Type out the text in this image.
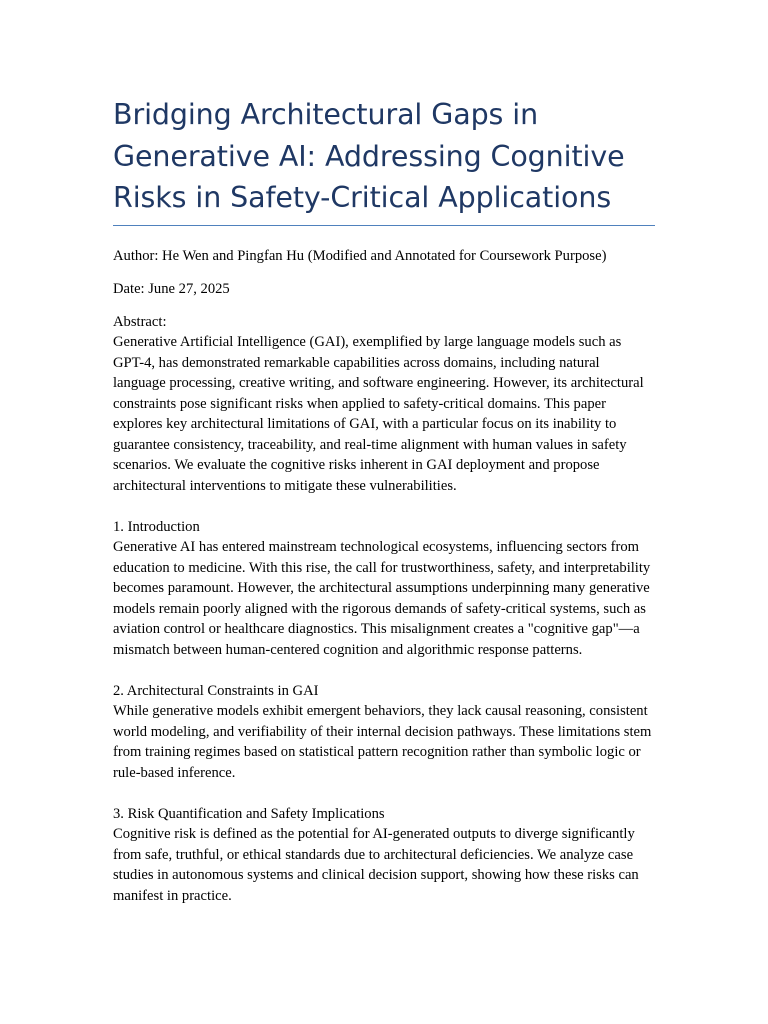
Bridging Architectural Gaps in Generative AI: Addressing Cognitive Risks in Safety-Critical Applications

Author: He Wen and Pingfan Hu (Modified and Annotated for Coursework Purpose)

Date: June 27, 2025

Abstract:

Generative Artificial Intelligence (GAI), exemplified by large language models such as GPT-4, has demonstrated remarkable capabilities across domains, including natural language processing, creative writing, and software engineering. However, its architectural constraints pose significant risks when applied to safety-critical domains. This paper explores key architectural limitations of GAI, with a particular focus on its inability to guarantee consistency, traceability, and real-time alignment with human values in safety scenarios. We evaluate the cognitive risks inherent in GAI deployment and propose architectural interventions to mitigate these vulnerabilities.

1. Introduction

Generative AI has entered mainstream technological ecosystems, influencing sectors from education to medicine. With this rise, the call for trustworthiness, safety, and interpretability becomes paramount. However, the architectural assumptions underpinning many generative models remain poorly aligned with the rigorous demands of safety-critical systems, such as aviation control or healthcare diagnostics. This misalignment creates a "cognitive gap"—a mismatch between human-centered cognition and algorithmic response patterns.

2. Architectural Constraints in GAI

While generative models exhibit emergent behaviors, they lack causal reasoning, consistent world modeling, and verifiability of their internal decision pathways. These limitations stem from training regimes based on statistical pattern recognition rather than symbolic logic or rule-based inference.

3. Risk Quantification and Safety Implications

Cognitive risk is defined as the potential for AI-generated outputs to diverge significantly from safe, truthful, or ethical standards due to architectural deficiencies. We analyze case studies in autonomous systems and clinical decision support, showing how these risks can manifest in practice.
